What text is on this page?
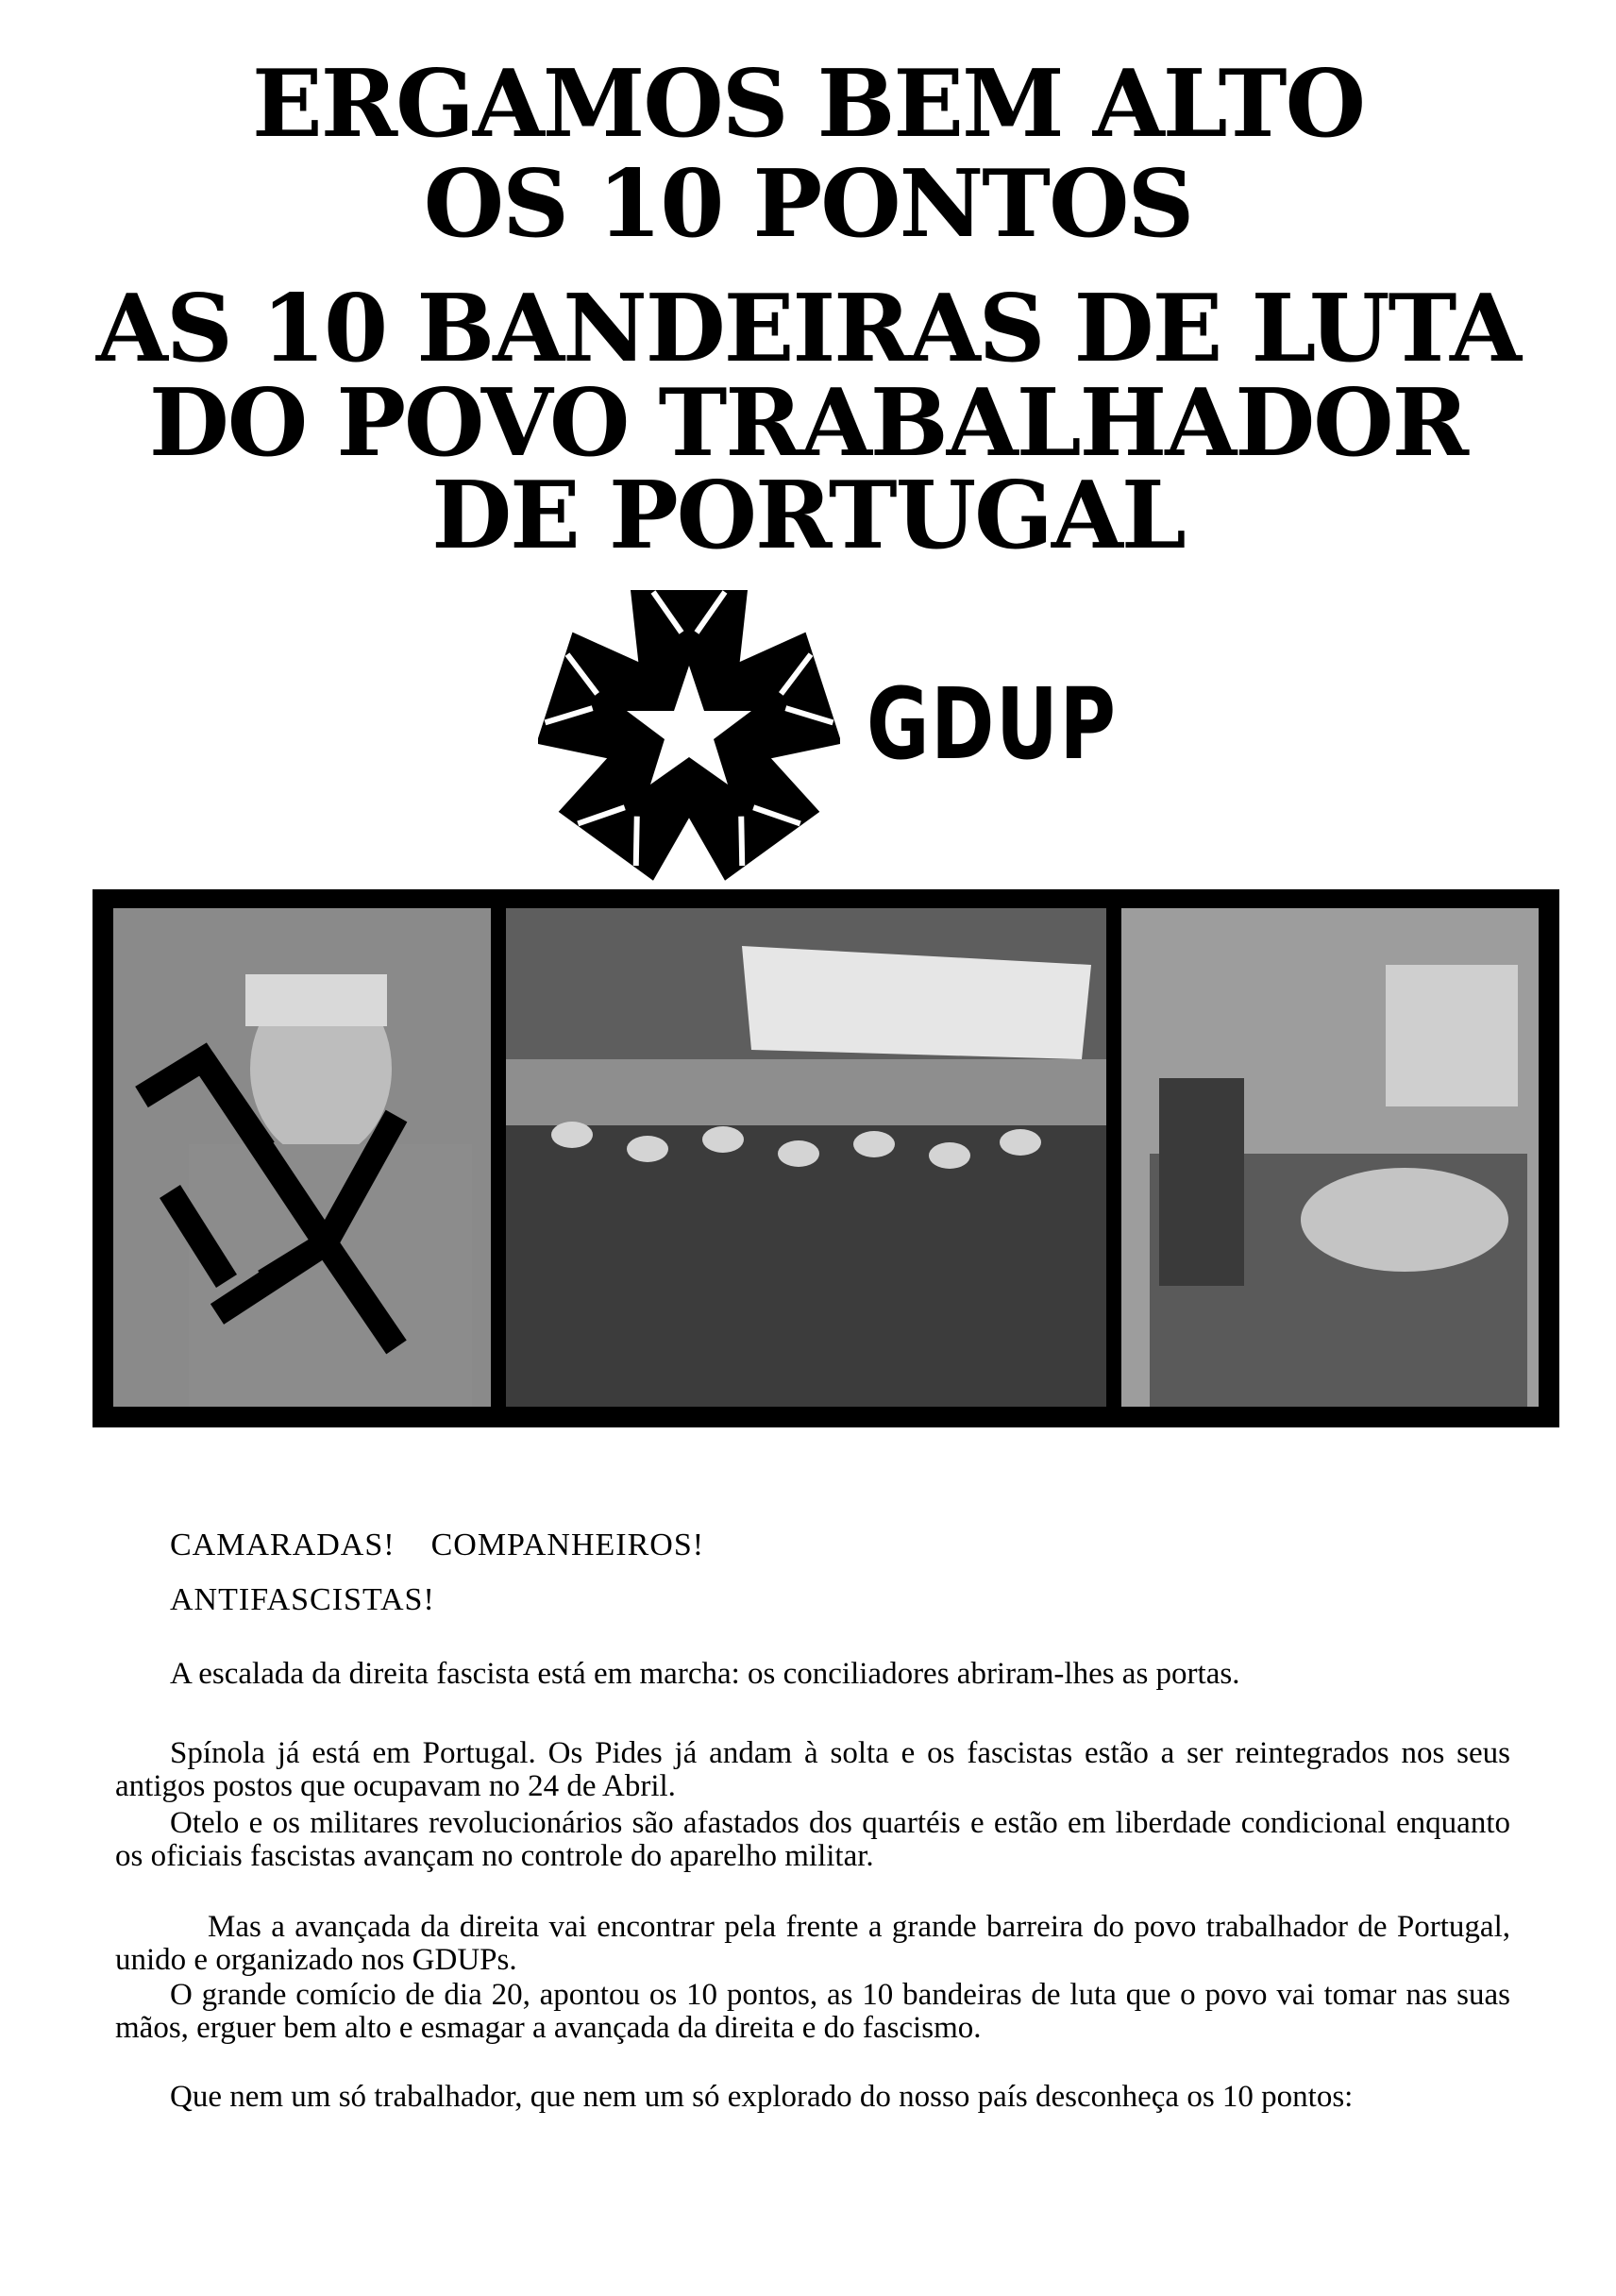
ERGAMOS BEM ALTO
OS 10 PONTOS
AS 10 BANDEIRAS DE LUTA
DO POVO TRABALHADOR
DE PORTUGAL
GDUP
CAMARADAS!    COMPANHEIROS!
ANTIFASCISTAS!
A escalada da direita fascista está em marcha: os conciliadores abriram-lhes as portas.
Spínola já está em Portugal. Os Pides já andam à solta e os fascistas estão a ser reintegrados nos seus antigos postos que ocupavam no 24 de Abril.
Otelo e os militares revolucionários são afastados dos quartéis e estão em liberdade condicional enquanto os oficiais fascistas avançam no controle do aparelho militar.
Mas a avançada da direita vai encontrar pela frente a grande barreira do povo trabalhador de Portugal, unido e organizado nos GDUPs.
O grande comício de dia 20, apontou os 10 pontos, as 10 bandeiras de luta que o povo vai tomar nas suas mãos, erguer bem alto e esmagar a avançada da direita e do fascismo.
Que nem um só trabalhador, que nem um só explorado do nosso país desconheça os 10 pontos:
